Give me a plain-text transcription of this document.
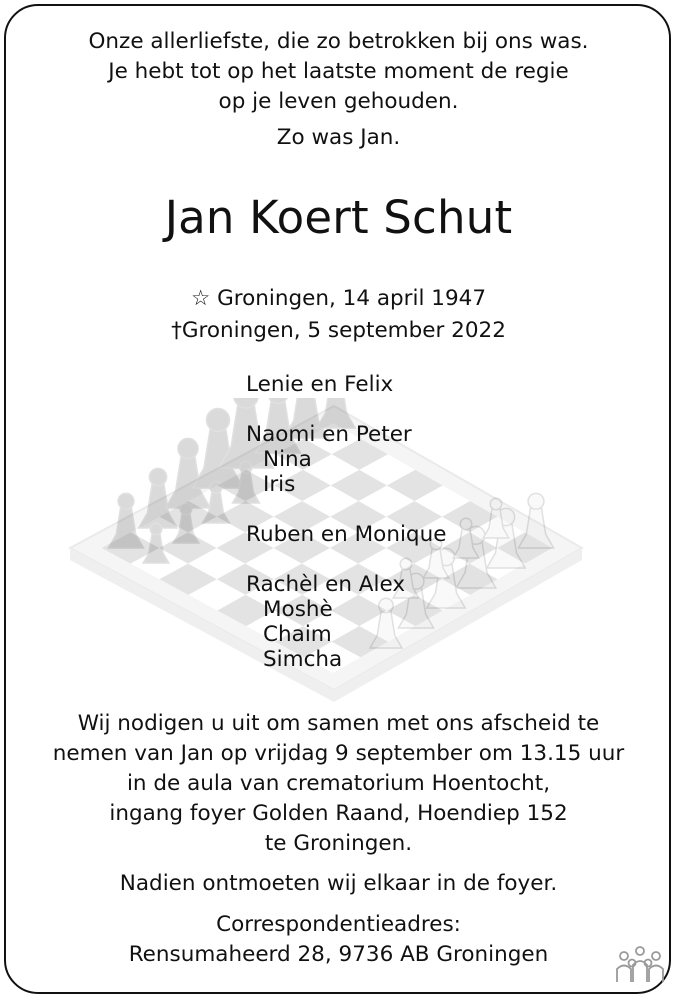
Onze allerliefste, die zo betrokken bij ons was.
Je hebt tot op het laatste moment de regie
op je leven gehouden.
Zo was Jan.
Jan Koert Schut
☆ Groningen, 14 april 1947
†Groningen, 5 september 2022
Lenie en Felix
Naomi en Peter
Nina
Iris
Ruben en Monique
Rachèl en Alex
Moshè
Chaim
Simcha
Wij nodigen u uit om samen met ons afscheid te
nemen van Jan op vrijdag 9 september om 13.15 uur
in de aula van crematorium Hoentocht,
ingang foyer Golden Raand, Hoendiep 152
te Groningen.
Nadien ontmoeten wij elkaar in de foyer.
Correspondentieadres:
Rensumaheerd 28, 9736 AB Groningen
